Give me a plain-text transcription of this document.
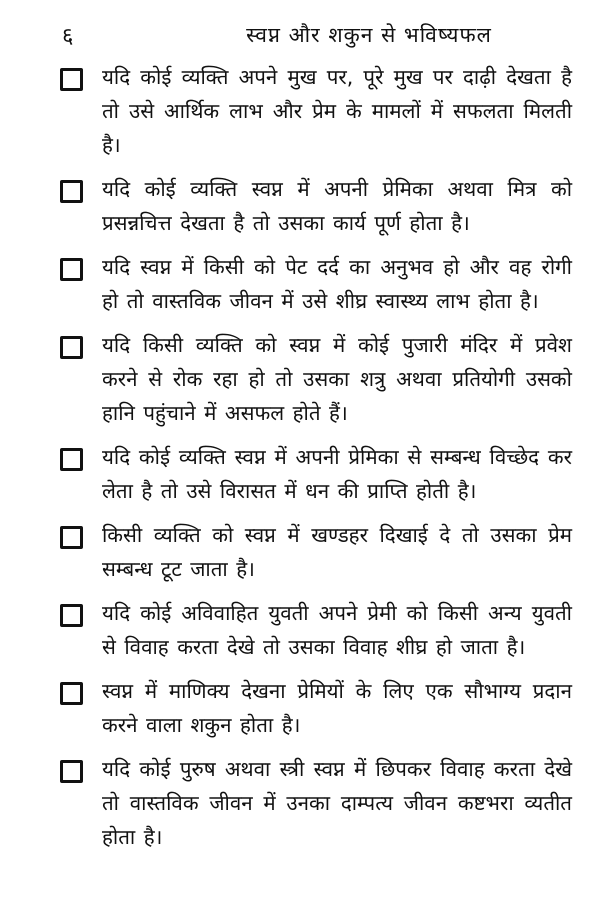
६	स्वप्न और शकुन से भविष्यफल
यदि कोई व्यक्ति अपने मुख पर, पूरे मुख पर दाढ़ी देखता है तो उसे आर्थिक लाभ और प्रेम के मामलों में सफलता मिलती है।
यदि कोई व्यक्ति स्वप्न में अपनी प्रेमिका अथवा मित्र को प्रसन्नचित्त देखता है तो उसका कार्य पूर्ण होता है।
यदि स्वप्न में किसी को पेट दर्द का अनुभव हो और वह रोगी हो तो वास्तविक जीवन में उसे शीघ्र स्वास्थ्य लाभ होता है।
यदि किसी व्यक्ति को स्वप्न में कोई पुजारी मंदिर में प्रवेश करने से रोक रहा हो तो उसका शत्रु अथवा प्रतियोगी उसको हानि पहुंचाने में असफल होते हैं।
यदि कोई व्यक्ति स्वप्न में अपनी प्रेमिका से सम्बन्ध विच्छेद कर लेता है तो उसे विरासत में धन की प्राप्ति होती है।
किसी व्यक्ति को स्वप्न में खण्डहर दिखाई दे तो उसका प्रेम सम्बन्ध टूट जाता है।
यदि कोई अविवाहित युवती अपने प्रेमी को किसी अन्य युवती से विवाह करता देखे तो उसका विवाह शीघ्र हो जाता है।
स्वप्न में माणिक्य देखना प्रेमियों के लिए एक सौभाग्य प्रदान करने वाला शकुन होता है।
यदि कोई पुरुष अथवा स्त्री स्वप्न में छिपकर विवाह करता देखे तो वास्तविक जीवन में उनका दाम्पत्य जीवन कष्टभरा व्यतीत होता है।
